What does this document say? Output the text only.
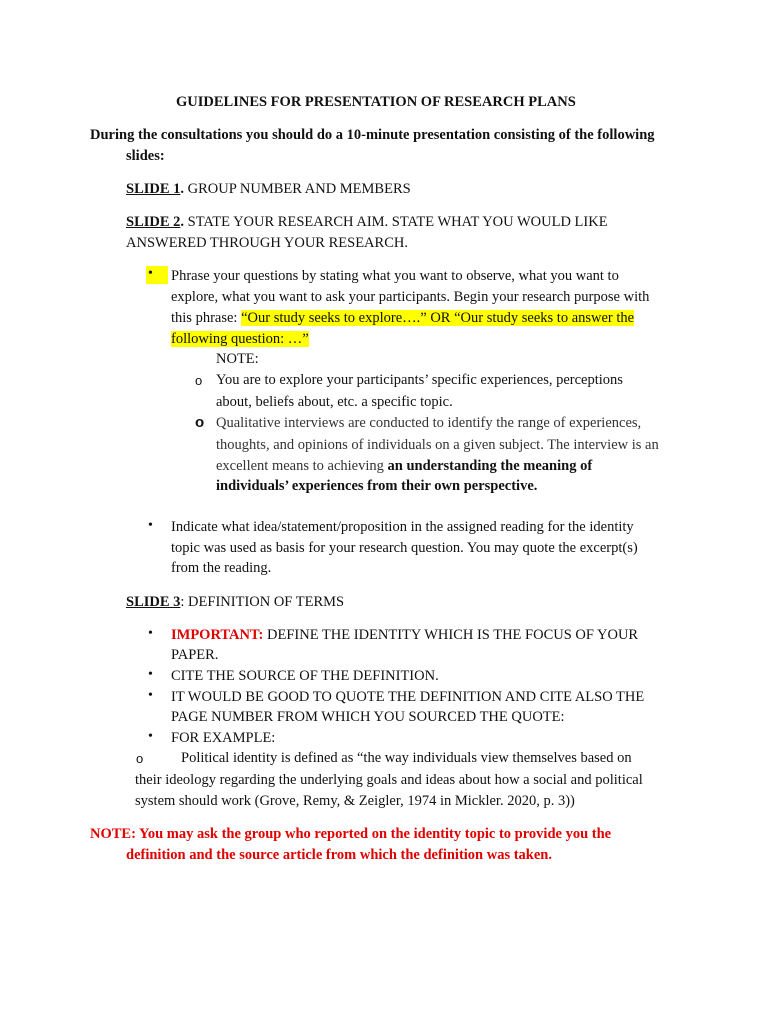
GUIDELINES FOR PRESENTATION OF RESEARCH PLANS
During the consultations you should do a 10-minute presentation consisting of the following
slides:
SLIDE 1. GROUP NUMBER AND MEMBERS
SLIDE 2. STATE YOUR RESEARCH AIM. STATE WHAT YOU WOULD LIKE
ANSWERED THROUGH YOUR RESEARCH.
• Phrase your questions by stating what you want to observe, what you want to
explore, what you want to ask your participants. Begin your research purpose with
this phrase: “Our study seeks to explore….” OR “Our study seeks to answer the
following question: …”
NOTE:
o You are to explore your participants’ specific experiences, perceptions
about, beliefs about, etc. a specific topic.
o Qualitative interviews are conducted to identify the range of experiences,
thoughts, and opinions of individuals on a given subject. The interview is an
excellent means to achieving an understanding the meaning of
individuals’ experiences from their own perspective.
• Indicate what idea/statement/proposition in the assigned reading for the identity
topic was used as basis for your research question. You may quote the excerpt(s)
from the reading.
SLIDE 3: DEFINITION OF TERMS
• IMPORTANT: DEFINE THE IDENTITY WHICH IS THE FOCUS OF YOUR
PAPER.
• CITE THE SOURCE OF THE DEFINITION.
• IT WOULD BE GOOD TO QUOTE THE DEFINITION AND CITE ALSO THE
PAGE NUMBER FROM WHICH YOU SOURCED THE QUOTE:
• FOR EXAMPLE:
o	Political identity is defined as “the way individuals view themselves based on
their ideology regarding the underlying goals and ideas about how a social and political
system should work (Grove, Remy, & Zeigler, 1974 in Mickler. 2020, p. 3))
NOTE: You may ask the group who reported on the identity topic to provide you the
definition and the source article from which the definition was taken.
